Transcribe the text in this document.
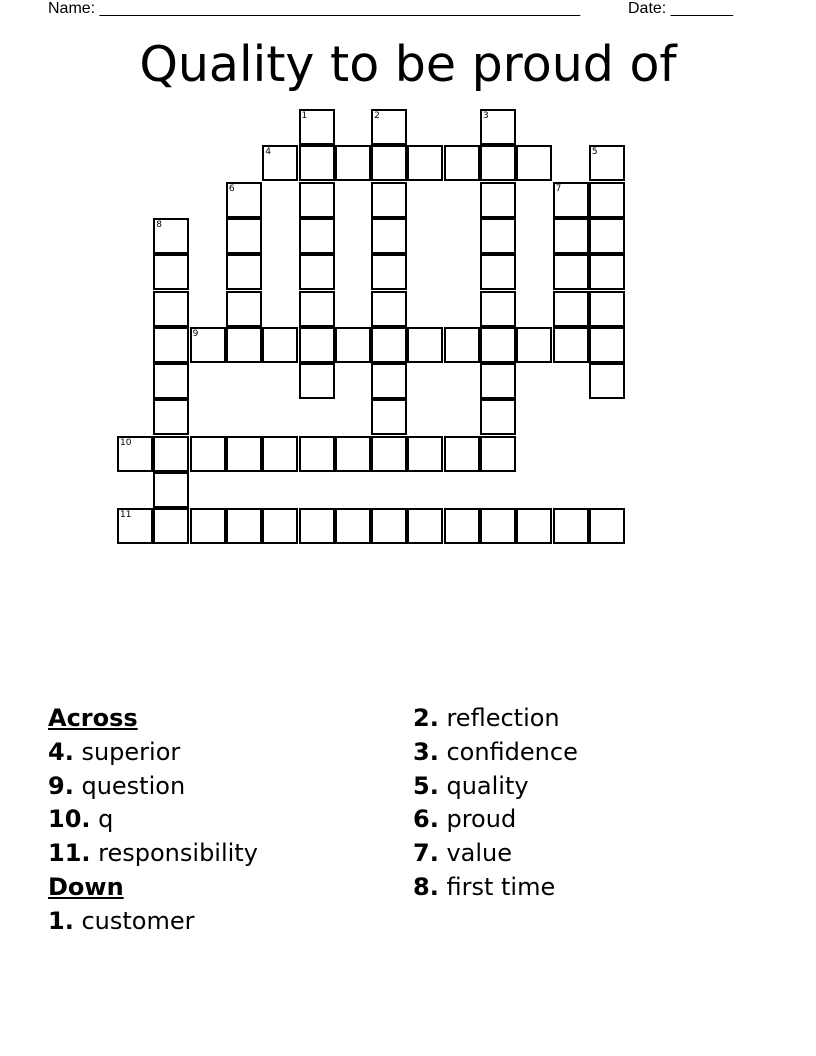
Name: ______________________________________________________	Date: _______
Quality to be proud of
1	2	3
4	5
6	7
8
9
10
11
Across
4. superior
9. question
10. q
11. responsibility
Down
1. customer
2. reflection
3. confidence
5. quality
6. proud
7. value
8. first time
